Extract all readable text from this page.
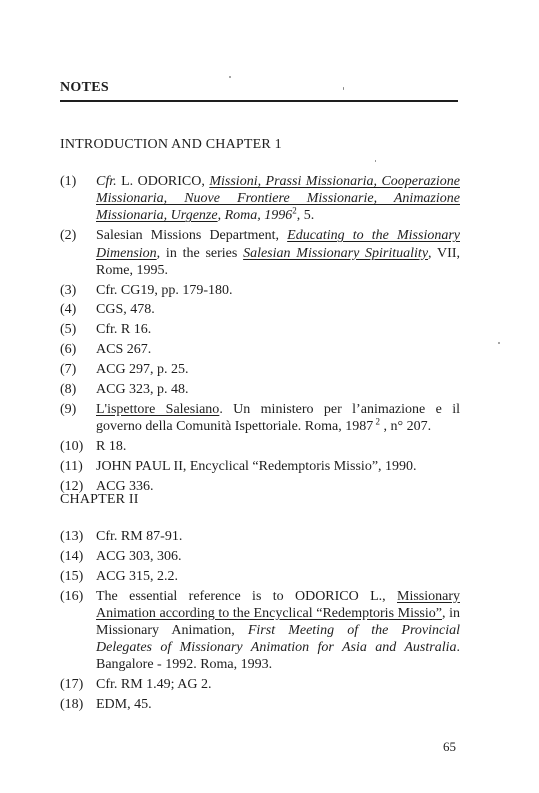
NOTES
INTRODUCTION AND CHAPTER 1
(1)	Cfr. L. ODORICO, Missioni, Prassi Missionaria, Cooperazione Missionaria, Nuove Frontiere Missionarie, Animazione Missionaria, Urgenze, Roma, 1996$^2$, 5.
(2)	Salesian Missions Department, Educating to the Missionary Dimension, in the series Salesian Missionary Spirituality, VII, Rome, 1995.
(3)	Cfr. CG19, pp. 179-180.
(4)	CGS, 478.
(5)	Cfr. R 16.
(6)	ACS 267.
(7)	ACG 297, p. 25.
(8)	ACG 323, p. 48.
(9)	L'ispettore Salesiano. Un ministero per l’animazione e il governo della Comunità Ispettoriale. Roma, 1987 $^2$ , n° 207.
(10) R 18.
(11) JOHN PAUL II, Encyclical “Redemptoris Missio”, 1990.
(12) ACG 336.
CHAPTER II
(13) Cfr. RM 87-91.
(14) ACG 303, 306.
(15) ACG 315, 2.2.
(16) The essential reference is to ODORICO L., Missionary Animation according to the Encyclical “Redemptoris Missio”, in Missionary Animation, First Meeting of the Provincial Delegates of Missionary Animation for Asia and Australia. Bangalore - 1992. Roma, 1993.
(17) Cfr. RM 1.49; AG 2.
(18) EDM, 45.
65
